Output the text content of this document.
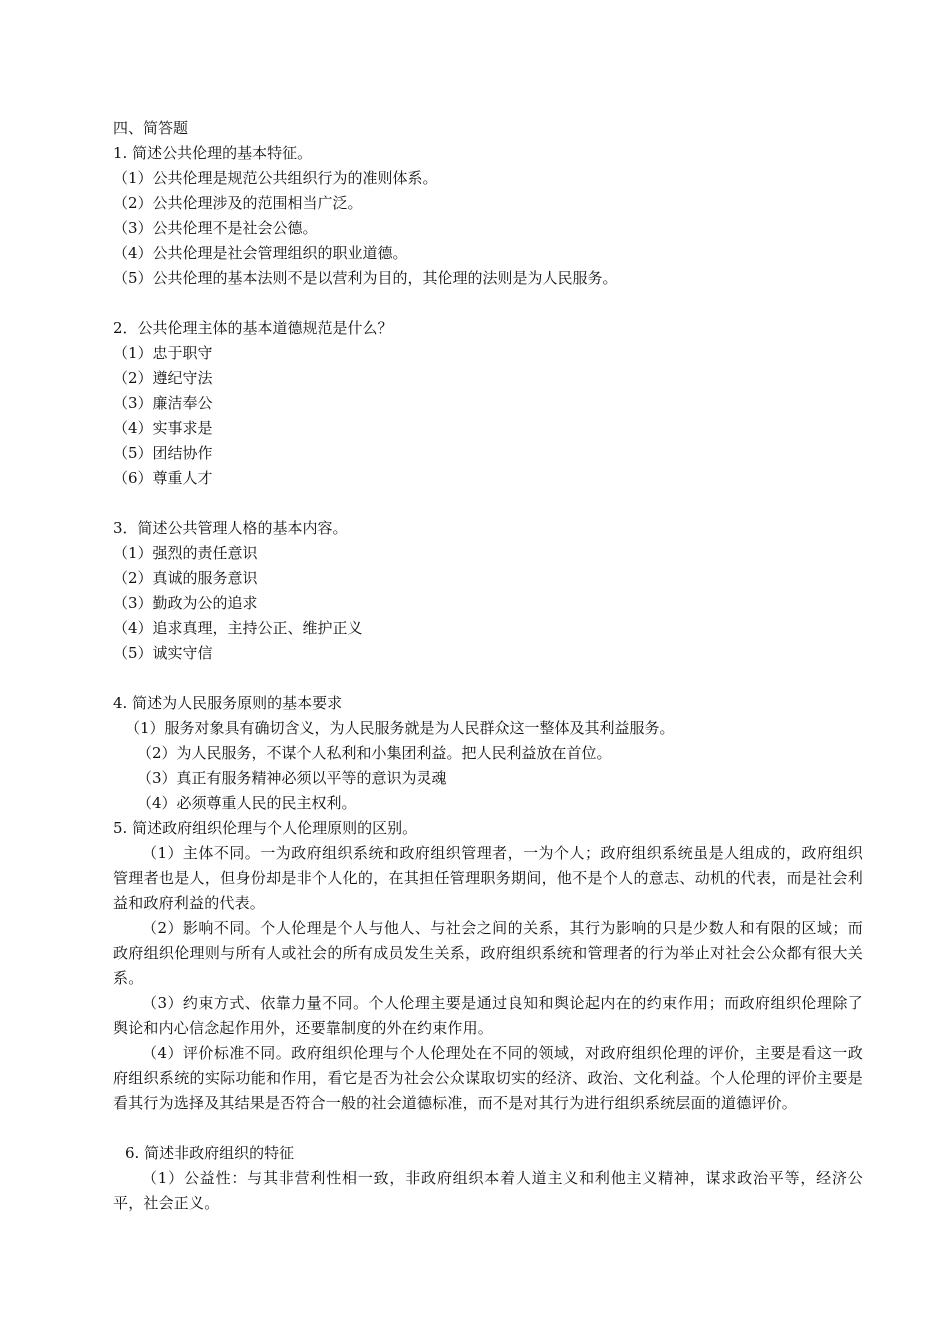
四、简答题
1. 简述公共伦理的基本特征。
（1）公共伦理是规范公共组织行为的准则体系。
（2）公共伦理涉及的范围相当广泛。
（3）公共伦理不是社会公德。
（4）公共伦理是社会管理组织的职业道德。
（5）公共伦理的基本法则不是以营利为目的，其伦理的法则是为人民服务。
2．公共伦理主体的基本道德规范是什么？
（1）忠于职守
（2）遵纪守法
（3）廉洁奉公
（4）实事求是
（5）团结协作
（6）尊重人才
3．简述公共管理人格的基本内容。
（1）强烈的责任意识
（2）真诚的服务意识
（3）勤政为公的追求
（4）追求真理，主持公正、维护正义
（5）诚实守信
4. 简述为人民服务原则的基本要求
（1）服务对象具有确切含义，为人民服务就是为人民群众这一整体及其利益服务。
（2）为人民服务，不谋个人私利和小集团利益。把人民利益放在首位。
（3）真正有服务精神必须以平等的意识为灵魂
（4）必须尊重人民的民主权利。
5. 简述政府组织伦理与个人伦理原则的区别。
（1）主体不同。一为政府组织系统和政府组织管理者，一为个人；政府组织系统虽是人组成的，政府组织管理者也是人，但身份却是非个人化的，在其担任管理职务期间，他不是个人的意志、动机的代表，而是社会利益和政府利益的代表。
（2）影响不同。个人伦理是个人与他人、与社会之间的关系，其行为影响的只是少数人和有限的区域；而政府组织伦理则与所有人或社会的所有成员发生关系，政府组织系统和管理者的行为举止对社会公众都有很大关系。
（3）约束方式、依靠力量不同。个人伦理主要是通过良知和舆论起内在的约束作用；而政府组织伦理除了舆论和内心信念起作用外，还要靠制度的外在约束作用。
（4）评价标准不同。政府组织伦理与个人伦理处在不同的领域，对政府组织伦理的评价，主要是看这一政府组织系统的实际功能和作用，看它是否为社会公众谋取切实的经济、政治、文化利益。个人伦理的评价主要是看其行为选择及其结果是否符合一般的社会道德标准，而不是对其行为进行组织系统层面的道德评价。
6. 简述非政府组织的特征
（1）公益性：与其非营利性相一致，非政府组织本着人道主义和利他主义精神，谋求政治平等，经济公平，社会正义。
